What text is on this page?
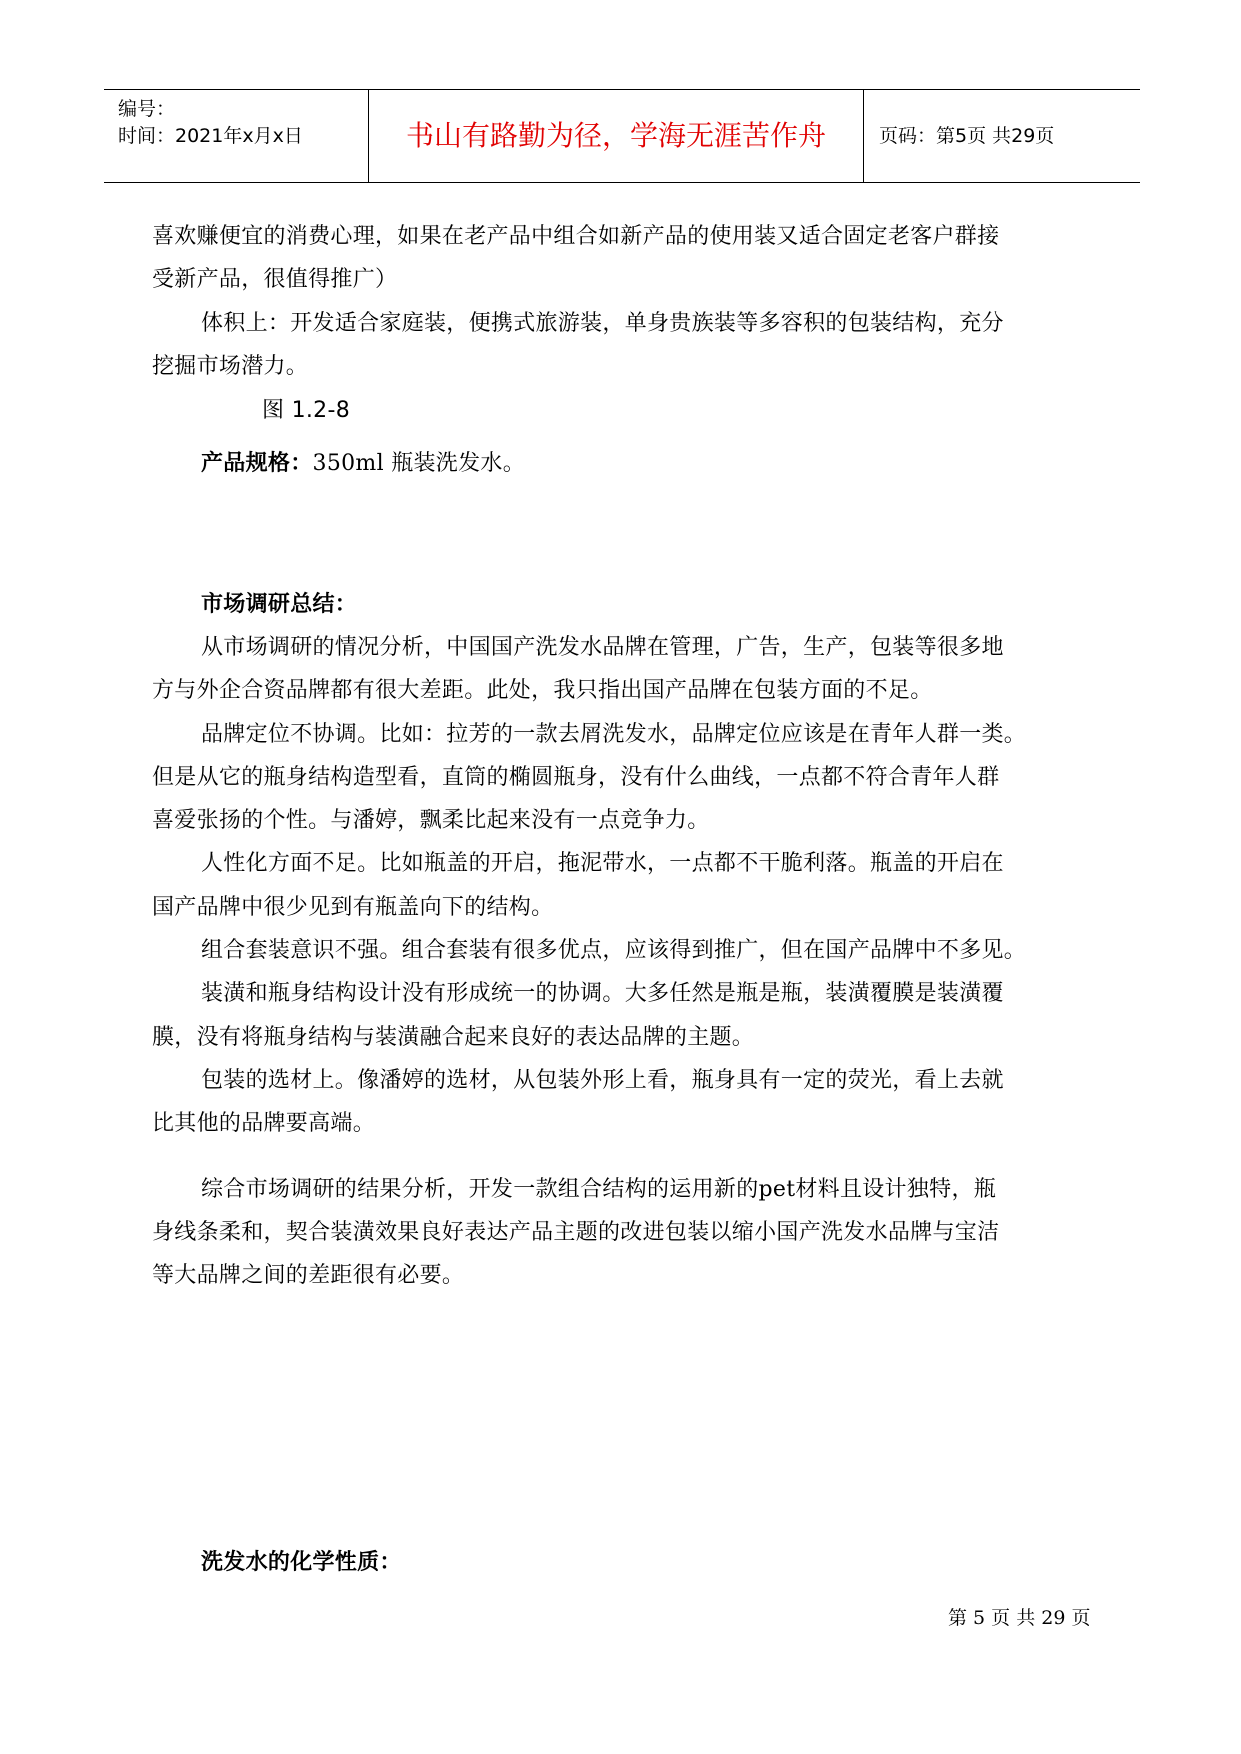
编号：
时间：2021年x月x日	书山有路勤为径，学海无涯苦作舟	页码：第5页 共29页
喜欢赚便宜的消费心理，如果在老产品中组合如新产品的使用装又适合固定老客户群接
受新产品，很值得推广）
体积上：开发适合家庭装，便携式旅游装，单身贵族装等多容积的包装结构，充分
挖掘市场潜力。
图 1.2-8
产品规格：350ml 瓶装洗发水。
市场调研总结：
从市场调研的情况分析，中国国产洗发水品牌在管理，广告，生产，包装等很多地
方与外企合资品牌都有很大差距。此处，我只指出国产品牌在包装方面的不足。
品牌定位不协调。比如：拉芳的一款去屑洗发水，品牌定位应该是在青年人群一类。
但是从它的瓶身结构造型看，直筒的椭圆瓶身，没有什么曲线，一点都不符合青年人群
喜爱张扬的个性。与潘婷，飘柔比起来没有一点竞争力。
人性化方面不足。比如瓶盖的开启，拖泥带水，一点都不干脆利落。瓶盖的开启在
国产品牌中很少见到有瓶盖向下的结构。
组合套装意识不强。组合套装有很多优点，应该得到推广，但在国产品牌中不多见。
装潢和瓶身结构设计没有形成统一的协调。大多任然是瓶是瓶，装潢覆膜是装潢覆
膜，没有将瓶身结构与装潢融合起来良好的表达品牌的主题。
包装的选材上。像潘婷的选材，从包装外形上看，瓶身具有一定的荧光，看上去就
比其他的品牌要高端。
综合市场调研的结果分析，开发一款组合结构的运用新的pet材料且设计独特，瓶
身线条柔和，契合装潢效果良好表达产品主题的改进包装以缩小国产洗发水品牌与宝洁
等大品牌之间的差距很有必要。
洗发水的化学性质：
第 5 页 共 29 页
